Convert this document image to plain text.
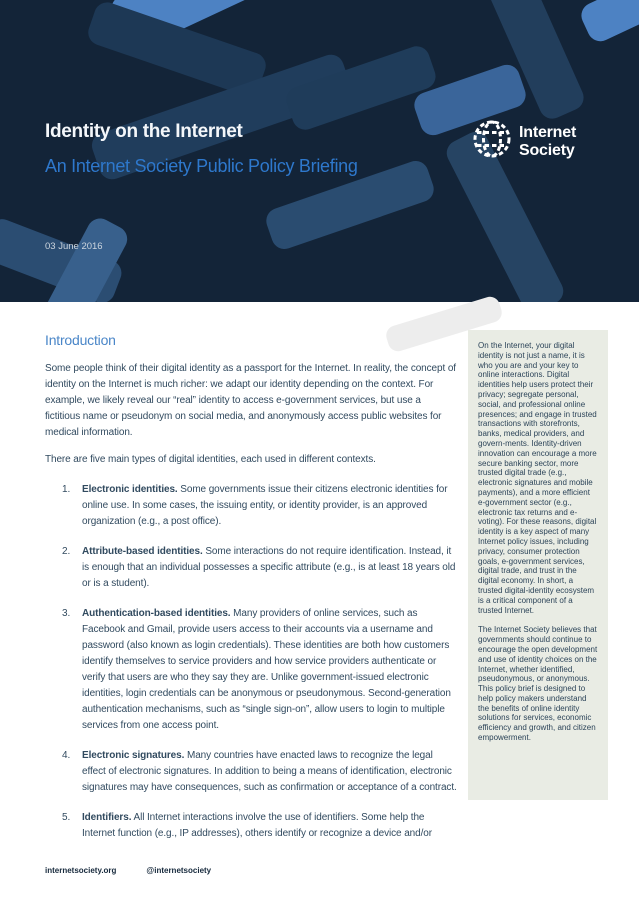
Identity on the Internet
An Internet Society Public Policy Briefing
03 June 2016
Internet
Society
Introduction

Some people think of their digital identity as a passport for the Internet. In reality, the concept of identity on the Internet is much richer: we adapt our identity depending on the context. For example, we likely reveal our “real” identity to access e-government services, but use a fictitious name or pseudonym on social media, and anonymously access public websites for medical information.

There are five main types of digital identities, each used in different contexts.

1.	Electronic identities. Some governments issue their citizens electronic identities for online use. In some cases, the issuing entity, or identity provider, is an approved organization (e.g., a post office).

2.	Attribute-based identities. Some interactions do not require identification. Instead, it is enough that an individual possesses a specific attribute (e.g., is at least 18 years old or is a student).

3.	Authentication-based identities. Many providers of online services, such as Facebook and Gmail, provide users access to their accounts via a username and password (also known as login credentials). These identities are both how customers identify themselves to service providers and how service providers authenticate or verify that users are who they say they are. Unlike government-issued electronic identities, login credentials can be anonymous or pseudonymous. Second-generation authentication mechanisms, such as “single sign-on”, allow users to login to multiple services from one access point.

4.	Electronic signatures. Many countries have enacted laws to recognize the legal effect of electronic signatures. In addition to being a means of identification, electronic signatures may have consequences, such as confirmation or acceptance of a contract.

5.	Identifiers. All Internet interactions involve the use of identifiers. Some help the Internet function (e.g., IP addresses), others identify or recognize a device and/or

On the Internet, your digital identity is not just a name, it is who you are and your key to online interactions. Digital identities help users protect their privacy; segregate personal, social, and professional online presences; and engage in trusted transactions with storefronts, banks, medical providers, and govern-ments. Identity-driven innovation can encourage a more secure banking sector, more trusted digital trade (e.g., electronic signatures and mobile payments), and a more efficient e-government sector (e.g., electronic tax returns and e-voting). For these reasons, digital identity is a key aspect of many Internet policy issues, including privacy, consumer protection goals, e-government services, digital trade, and trust in the digital economy. In short, a trusted digital-identity ecosystem is a critical component of a trusted Internet.

The Internet Society believes that governments should continue to encourage the open development and use of identity choices on the Internet, whether identified, pseudonymous, or anonymous. This policy brief is designed to help policy makers understand the benefits of online identity solutions for services, economic efficiency and growth, and citizen empowerment.

internetsociety.org	@internetsociety
